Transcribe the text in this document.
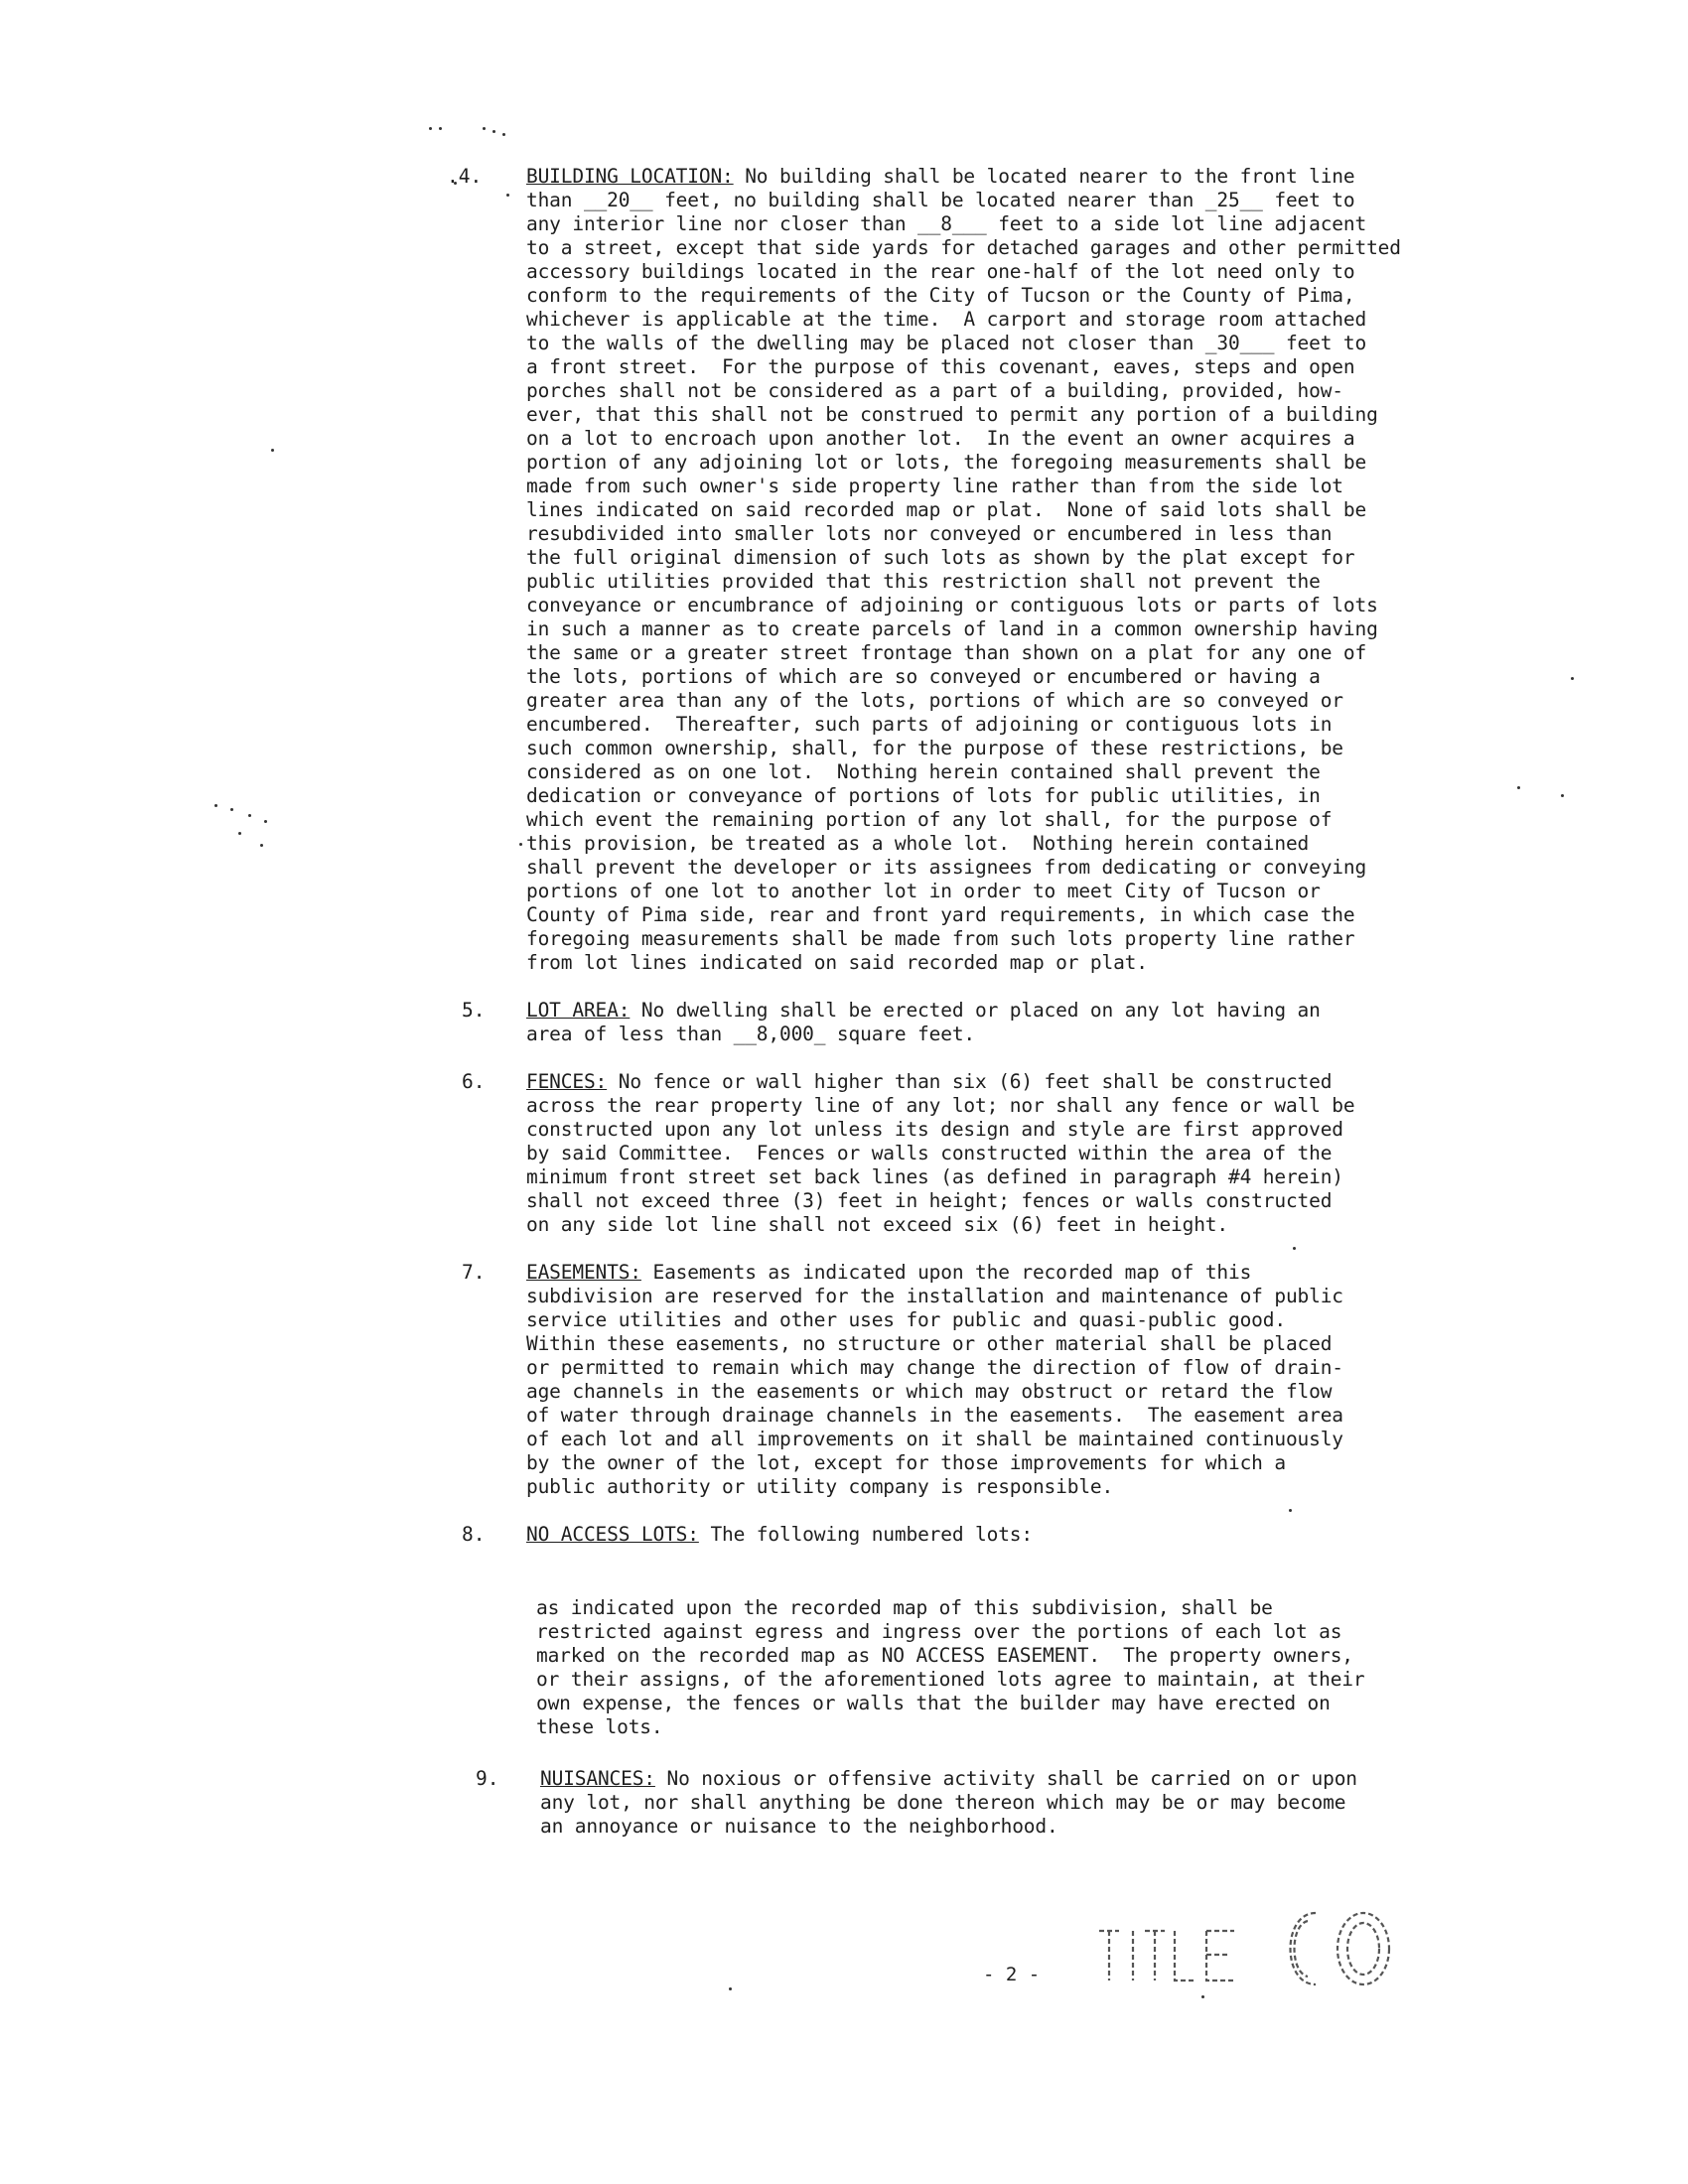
.4. BUILDING LOCATION: No building shall be located nearer to the front line
than __20__ feet, no building shall be located nearer than _25__ feet to
any interior line nor closer than __8___ feet to a side lot line adjacent
to a street, except that side yards for detached garages and other permitted
accessory buildings located in the rear one-half of the lot need only to
conform to the requirements of the City of Tucson or the County of Pima,
whichever is applicable at the time.  A carport and storage room attached
to the walls of the dwelling may be placed not closer than _30___ feet to
a front street.  For the purpose of this covenant, eaves, steps and open
porches shall not be considered as a part of a building, provided, how-
ever, that this shall not be construed to permit any portion of a building
on a lot to encroach upon another lot.  In the event an owner acquires a
portion of any adjoining lot or lots, the foregoing measurements shall be
made from such owner's side property line rather than from the side lot
lines indicated on said recorded map or plat.  None of said lots shall be
resubdivided into smaller lots nor conveyed or encumbered in less than
the full original dimension of such lots as shown by the plat except for
public utilities provided that this restriction shall not prevent the
conveyance or encumbrance of adjoining or contiguous lots or parts of lots
in such a manner as to create parcels of land in a common ownership having
the same or a greater street frontage than shown on a plat for any one of
the lots, portions of which are so conveyed or encumbered or having a
greater area than any of the lots, portions of which are so conveyed or
encumbered.  Thereafter, such parts of adjoining or contiguous lots in
such common ownership, shall, for the purpose of these restrictions, be
considered as on one lot.  Nothing herein contained shall prevent the
dedication or conveyance of portions of lots for public utilities, in
which event the remaining portion of any lot shall, for the purpose of
this provision, be treated as a whole lot.  Nothing herein contained
shall prevent the developer or its assignees from dedicating or conveying
portions of one lot to another lot in order to meet City of Tucson or
County of Pima side, rear and front yard requirements, in which case the
foregoing measurements shall be made from such lots property line rather
from lot lines indicated on said recorded map or plat.

5. LOT AREA: No dwelling shall be erected or placed on any lot having an
area of less than __8,000_ square feet.

6. FENCES: No fence or wall higher than six (6) feet shall be constructed
across the rear property line of any lot; nor shall any fence or wall be
constructed upon any lot unless its design and style are first approved
by said Committee.  Fences or walls constructed within the area of the
minimum front street set back lines (as defined in paragraph #4 herein)
shall not exceed three (3) feet in height; fences or walls constructed
on any side lot line shall not exceed six (6) feet in height.

7. EASEMENTS: Easements as indicated upon the recorded map of this
subdivision are reserved for the installation and maintenance of public
service utilities and other uses for public and quasi-public good.
Within these easements, no structure or other material shall be placed
or permitted to remain which may change the direction of flow of drain-
age channels in the easements or which may obstruct or retard the flow
of water through drainage channels in the easements.  The easement area
of each lot and all improvements on it shall be maintained continuously
by the owner of the lot, except for those improvements for which a
public authority or utility company is responsible.

8. NO ACCESS LOTS: The following numbered lots:

as indicated upon the recorded map of this subdivision, shall be
restricted against egress and ingress over the portions of each lot as
marked on the recorded map as NO ACCESS EASEMENT.  The property owners,
or their assigns, of the aforementioned lots agree to maintain, at their
own expense, the fences or walls that the builder may have erected on
these lots.

9. NUISANCES: No noxious or offensive activity shall be carried on or upon
any lot, nor shall anything be done thereon which may be or may become
an annoyance or nuisance to the neighborhood.

- 2 -
